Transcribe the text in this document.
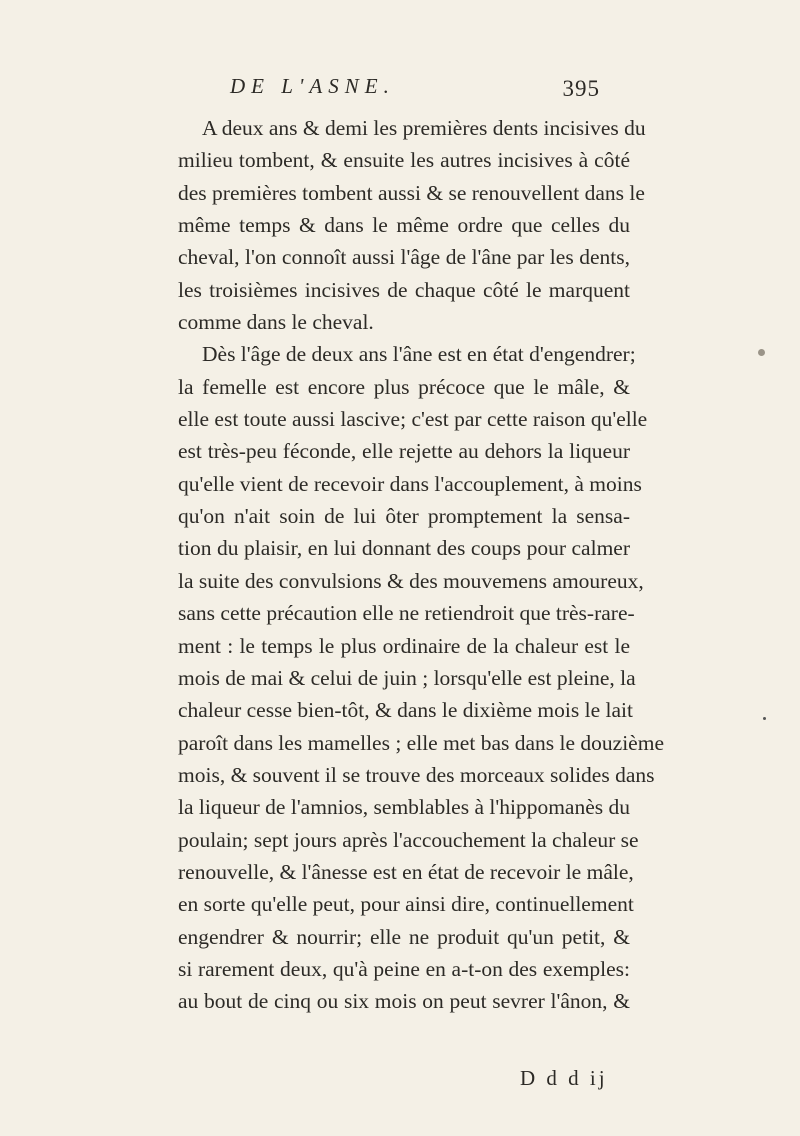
DE L'ASNE.	395
A deux ans & demi les premières dents incisives du
milieu tombent, & ensuite les autres incisives à côté
des premières tombent aussi & se renouvellent dans le
même temps & dans le même ordre que celles du
cheval, l'on connoît aussi l'âge de l'âne par les dents,
les troisièmes incisives de chaque côté le marquent
comme dans le cheval.
Dès l'âge de deux ans l'âne est en état d'engendrer;
la femelle est encore plus précoce que le mâle, &
elle est toute aussi lascive; c'est par cette raison qu'elle
est très-peu féconde, elle rejette au dehors la liqueur
qu'elle vient de recevoir dans l'accouplement, à moins
qu'on n'ait soin de lui ôter promptement la sensa-
tion du plaisir, en lui donnant des coups pour calmer
la suite des convulsions & des mouvemens amoureux,
sans cette précaution elle ne retiendroit que très-rare-
ment : le temps le plus ordinaire de la chaleur est le
mois de mai & celui de juin ; lorsqu'elle est pleine, la
chaleur cesse bien-tôt, & dans le dixième mois le lait
paroît dans les mamelles ; elle met bas dans le douzième
mois, & souvent il se trouve des morceaux solides dans
la liqueur de l'amnios, semblables à l'hippomanès du
poulain; sept jours après l'accouchement la chaleur se
renouvelle, & l'ânesse est en état de recevoir le mâle,
en sorte qu'elle peut, pour ainsi dire, continuellement
engendrer & nourrir; elle ne produit qu'un petit, &
si rarement deux, qu'à peine en a-t-on des exemples:
au bout de cinq ou six mois on peut sevrer l'ânon, &
D d d ij
